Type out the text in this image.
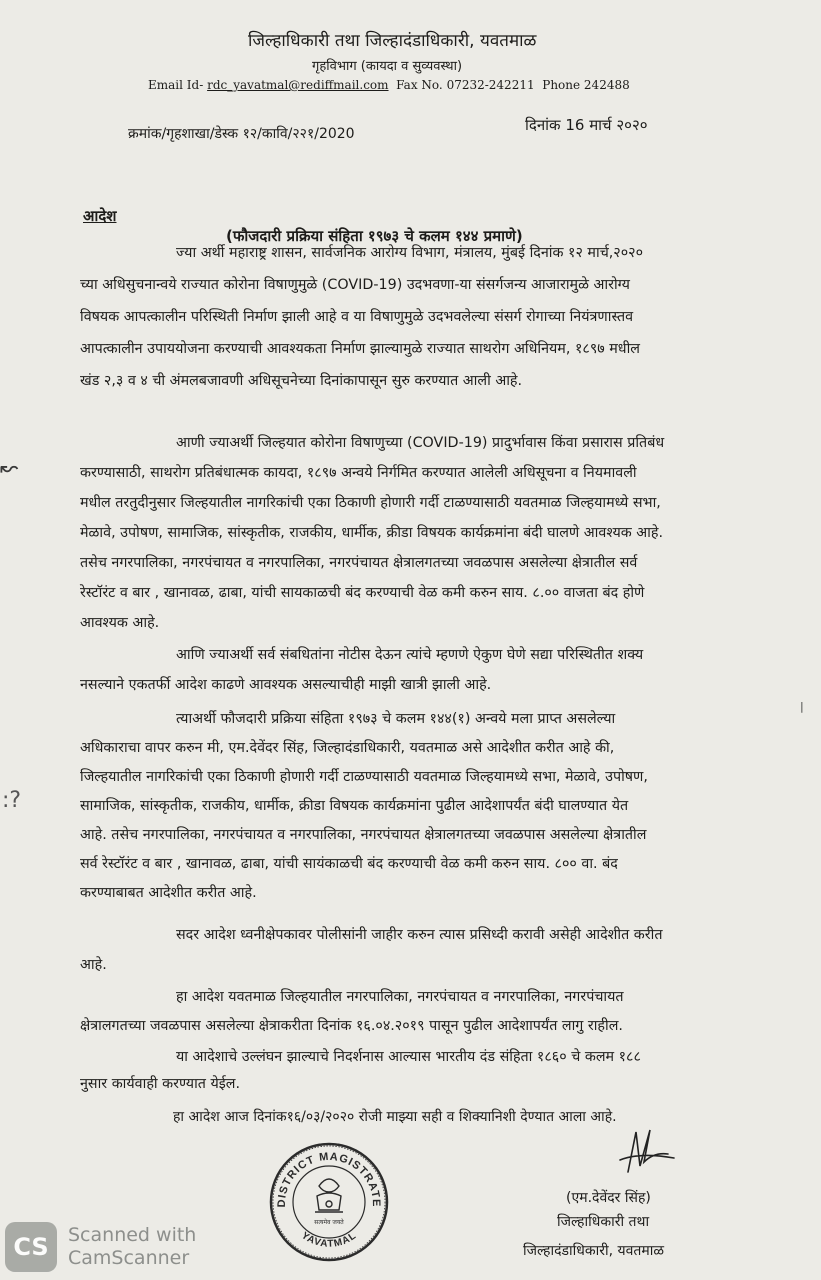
जिल्हाधिकारी तथा जिल्हादंडाधिकारी, यवतमाळ
गृहविभाग (कायदा व सुव्यवस्था)
Email Id- rdc_yavatmal@rediffmail.com Fax No. 07232-242211 Phone 242488
क्रमांक/गृहशाखा/डेस्क १२/कावि/२२१/2020	दिनांक 16 मार्च २०२०
आदेश
(फौजदारी प्रक्रिया संहिता १९७३ चे कलम १४४ प्रमाणे)
ज्या अर्थी महाराष्ट्र शासन, सार्वजनिक आरोग्य विभाग, मंत्रालय, मुंबई दिनांक १२ मार्च,२०२०
च्या अधिसुचनान्वये राज्यात कोरोना विषाणुमुळे (COVID-19) उदभवणा-या संसर्गजन्य आजारामुळे आरोग्य
विषयक आपत्कालीन परिस्थिती निर्माण झाली आहे व या विषाणुमुळे उदभवलेल्या संसर्ग रोगाच्या नियंत्रणास्तव
आपत्कालीन उपाययोजना करण्याची आवश्यकता निर्माण झाल्यामुळे राज्यात साथरोग अधिनियम, १८९७ मधील
खंड २,३ व ४ ची अंमलबजावणी अधिसूचनेच्या दिनांकापासून सुरु करण्यात आली आहे.
आणी ज्याअर्थी जिल्हयात कोरोना विषाणुच्या (COVID-19) प्रादुर्भावास किंवा प्रसारास प्रतिबंध
करण्यासाठी, साथरोग प्रतिबंधात्मक कायदा, १८९७ अन्वये निर्गमित करण्यात आलेली अधिसूचना व नियमावली
मधील तरतुदीनुसार जिल्हयातील नागरिकांची एका ठिकाणी होणारी गर्दी टाळण्यासाठी यवतमाळ जिल्हयामध्ये सभा,
मेळावे, उपोषण, सामाजिक, सांस्कृतीक, राजकीय, धार्मीक, क्रीडा विषयक कार्यक्रमांना बंदी घालणे आवश्यक आहे.
तसेच नगरपालिका, नगरपंचायत व नगरपालिका, नगरपंचायत क्षेत्रालगतच्या जवळपास असलेल्या क्षेत्रातील सर्व
रेस्टॉरंट व बार , खानावळ, ढाबा, यांची सायकाळची बंद करण्याची वेळ कमी करुन साय. ८.०० वाजता बंद होणे
आवश्यक आहे.
आणि ज्याअर्थी सर्व संबधितांना नोटीस देऊन त्यांचे म्हणणे ऐकुण घेणे सद्या परिस्थितीत शक्य
नसल्याने एकतर्फी आदेश काढणे आवश्यक असल्याचीही माझी खात्री झाली आहे.
त्याअर्थी फौजदारी प्रक्रिया संहिता १९७३ चे कलम १४४(१) अन्वये मला प्राप्त असलेल्या
अधिकाराचा वापर करुन मी, एम.देवेंदर सिंह, जिल्हादंडाधिकारी, यवतमाळ असे आदेशीत करीत आहे की,
जिल्हयातील नागरिकांची एका ठिकाणी होणारी गर्दी टाळण्यासाठी यवतमाळ जिल्हयामध्ये सभा, मेळावे, उपोषण,
सामाजिक, सांस्कृतीक, राजकीय, धार्मीक, क्रीडा विषयक कार्यक्रमांना पुढील आदेशापर्यंत बंदी घालण्यात येत
आहे. तसेच नगरपालिका, नगरपंचायत व नगरपालिका, नगरपंचायत क्षेत्रालगतच्या जवळपास असलेल्या क्षेत्रातील
सर्व रेस्टॉरंट व बार , खानावळ, ढाबा, यांची सायंकाळची बंद करण्याची वेळ कमी करुन साय. ८०० वा. बंद
करण्याबाबत आदेशीत करीत आहे.
सदर आदेश ध्वनीक्षेपकावर पोलीसांनी जाहीर करुन त्यास प्रसिध्दी करावी असेही आदेशीत करीत
आहे.
हा आदेश यवतमाळ जिल्हयातील नगरपालिका, नगरपंचायत व नगरपालिका, नगरपंचायत
क्षेत्रालगतच्या जवळपास असलेल्या क्षेत्राकरीता दिनांक १६.०४.२०१९ पासून पुढील आदेशापर्यंत लागु राहील.
या आदेशाचे उल्लंघन झाल्याचे निदर्शनास आल्यास भारतीय दंड संहिता १८६० चे कलम १८८
नुसार कार्यवाही करण्यात येईल.
हा आदेश आज दिनांक१६/०३/२०२० रोजी माझ्या सही व शिक्यानिशी देण्यात आला आहे.
DISTRICT MAGISTRATE
YAVATMAL
सत्यमेव जयते
(एम.देवेंदर सिंह)
जिल्हाधिकारी तथा
जिल्हादंडाधिकारी, यवतमाळ
↜
:?
|
CS	Scanned with
CamScanner
